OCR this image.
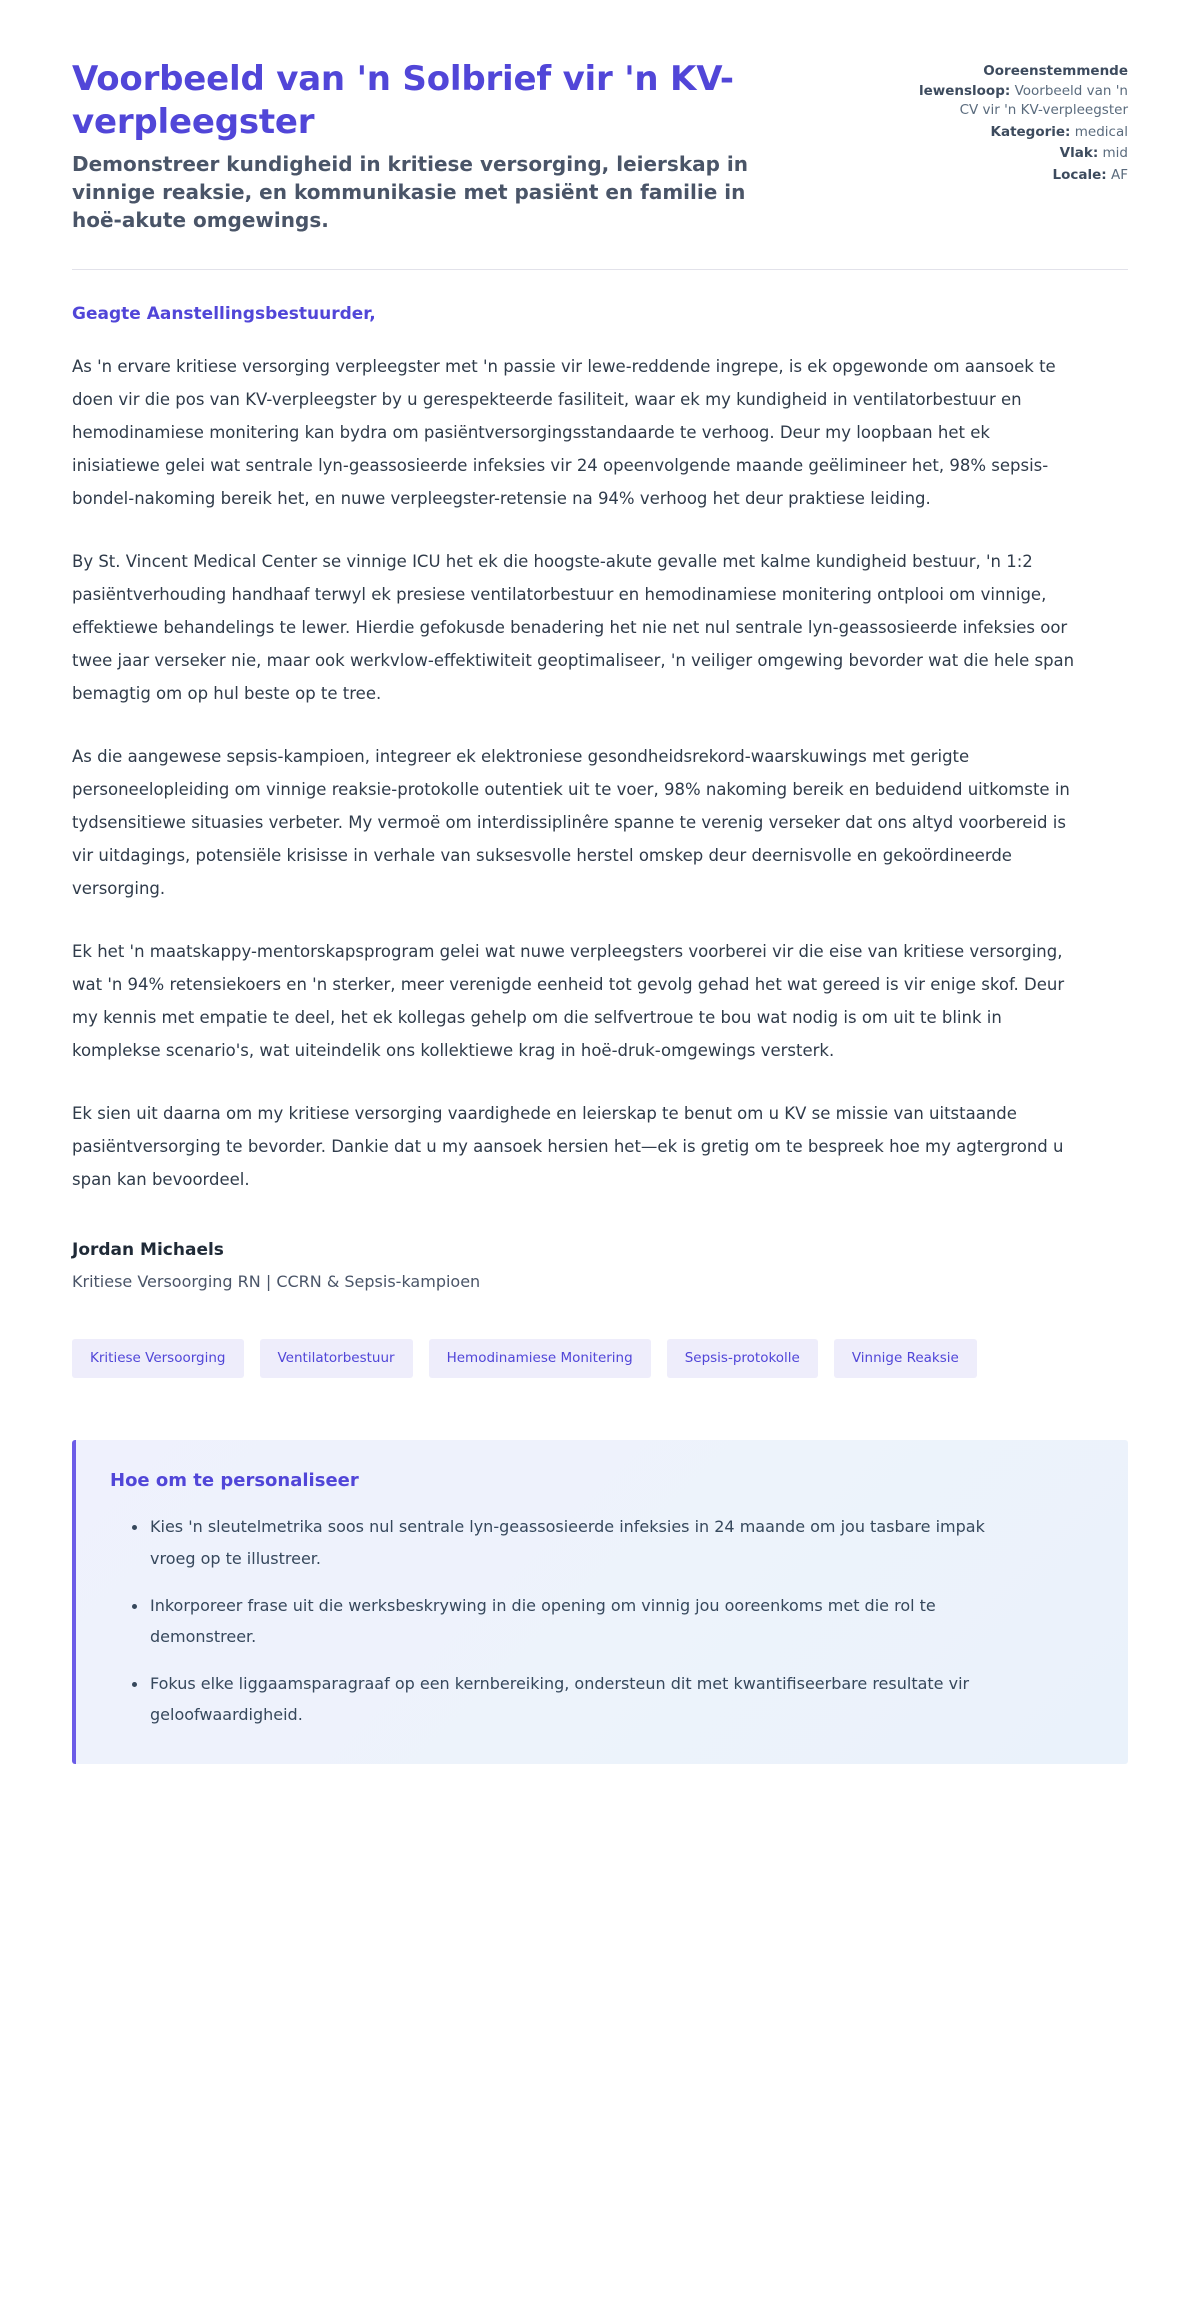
Voorbeeld van 'n Solbrief vir 'n KV-verpleegster

Demonstreer kundigheid in kritiese versorging, leierskap in vinnige reaksie, en kommunikasie met pasiënt en familie in hoë-akute omgewings.

Ooreenstemmende lewensloop: Voorbeeld van 'n CV vir 'n KV-verpleegster
Kategorie: medical
Vlak: mid
Locale: AF

Geagte Aanstellingsbestuurder,

As 'n ervare kritiese versorging verpleegster met 'n passie vir lewe-reddende ingrepe, is ek opgewonde om aansoek te doen vir die pos van KV-verpleegster by u gerespekteerde fasiliteit, waar ek my kundigheid in ventilatorbestuur en hemodinamiese monitering kan bydra om pasiëntversorgingsstandaarde te verhoog. Deur my loopbaan het ek inisiatiewe gelei wat sentrale lyn-geassosieerde infeksies vir 24 opeenvolgende maande geëlimineer het, 98% sepsis-bondel-nakoming bereik het, en nuwe verpleegster-retensie na 94% verhoog het deur praktiese leiding.

By St. Vincent Medical Center se vinnige ICU het ek die hoogste-akute gevalle met kalme kundigheid bestuur, 'n 1:2 pasiëntverhouding handhaaf terwyl ek presiese ventilatorbestuur en hemodinamiese monitering ontplooi om vinnige, effektiewe behandelings te lewer. Hierdie gefokusde benadering het nie net nul sentrale lyn-geassosieerde infeksies oor twee jaar verseker nie, maar ook werkvlow-effektiwiteit geoptimaliseer, 'n veiliger omgewing bevorder wat die hele span bemagtig om op hul beste op te tree.

As die aangewese sepsis-kampioen, integreer ek elektroniese gesondheidsrekord-waarskuwings met gerigte personeelopleiding om vinnige reaksie-protokolle outentiek uit te voer, 98% nakoming bereik en beduidend uitkomste in tydsensitiewe situasies verbeter. My vermoë om interdissiplinêre spanne te verenig verseker dat ons altyd voorbereid is vir uitdagings, potensiële krisisse in verhale van suksesvolle herstel omskep deur deernisvolle en gekoördineerde versorging.

Ek het 'n maatskappy-mentorskapsprogram gelei wat nuwe verpleegsters voorberei vir die eise van kritiese versorging, wat 'n 94% retensiekoers en 'n sterker, meer verenigde eenheid tot gevolg gehad het wat gereed is vir enige skof. Deur my kennis met empatie te deel, het ek kollegas gehelp om die selfvertroue te bou wat nodig is om uit te blink in komplekse scenario's, wat uiteindelik ons kollektiewe krag in hoë-druk-omgewings versterk.

Ek sien uit daarna om my kritiese versorging vaardighede en leierskap te benut om u KV se missie van uitstaande pasiëntversorging te bevorder. Dankie dat u my aansoek hersien het—ek is gretig om te bespreek hoe my agtergrond u span kan bevoordeel.

Jordan Michaels

Kritiese Versoorging RN | CCRN & Sepsis-kampioen

Kritiese Versoorging	Ventilatorbestuur	Hemodinamiese Monitering	Sepsis-protokolle	Vinnige Reaksie

Hoe om te personaliseer

Kies 'n sleutelmetrika soos nul sentrale lyn-geassosieerde infeksies in 24 maande om jou tasbare impak vroeg op te illustreer.
Inkorporeer frase uit die werksbeskrywing in die opening om vinnig jou ooreenkoms met die rol te demonstreer.
Fokus elke liggaamsparagraaf op een kernbereiking, ondersteun dit met kwantifiseerbare resultate vir geloofwaardigheid.
